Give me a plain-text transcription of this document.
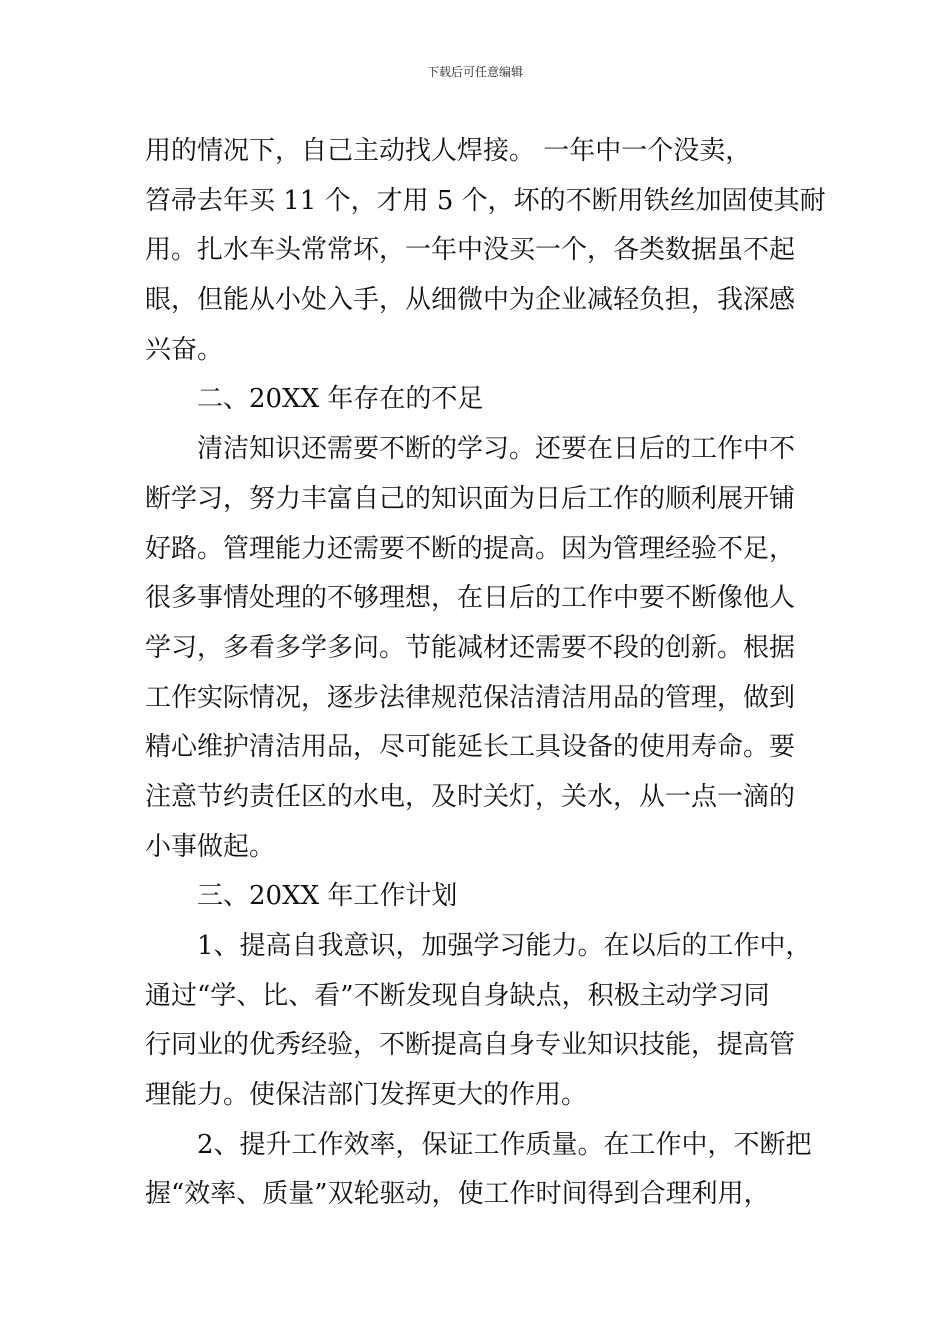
下载后可任意编辑
用的情况下，自己主动找人焊接。 一年中一个没卖，
笤帚去年买 11 个，才用 5 个，坏的不断用铁丝加固使其耐
用。扎水车头常常坏，一年中没买一个，各类数据虽不起
眼，但能从小处入手，从细微中为企业减轻负担，我深感
兴奋。
二、20XX 年存在的不足
清洁知识还需要不断的学习。还要在日后的工作中不
断学习，努力丰富自己的知识面为日后工作的顺利展开铺
好路。管理能力还需要不断的提高。因为管理经验不足，
很多事情处理的不够理想，在日后的工作中要不断像他人
学习，多看多学多问。节能减材还需要不段的创新。根据
工作实际情况，逐步法律规范保洁清洁用品的管理，做到
精心维护清洁用品，尽可能延长工具设备的使用寿命。要
注意节约责任区的水电，及时关灯，关水，从一点一滴的
小事做起。
三、20XX 年工作计划
1、提高自我意识，加强学习能力。在以后的工作中，
通过“学、比、看”不断发现自身缺点，积极主动学习同
行同业的优秀经验，不断提高自身专业知识技能，提高管
理能力。使保洁部门发挥更大的作用。
2、提升工作效率，保证工作质量。在工作中，不断把
握“效率、质量”双轮驱动，使工作时间得到合理利用，
